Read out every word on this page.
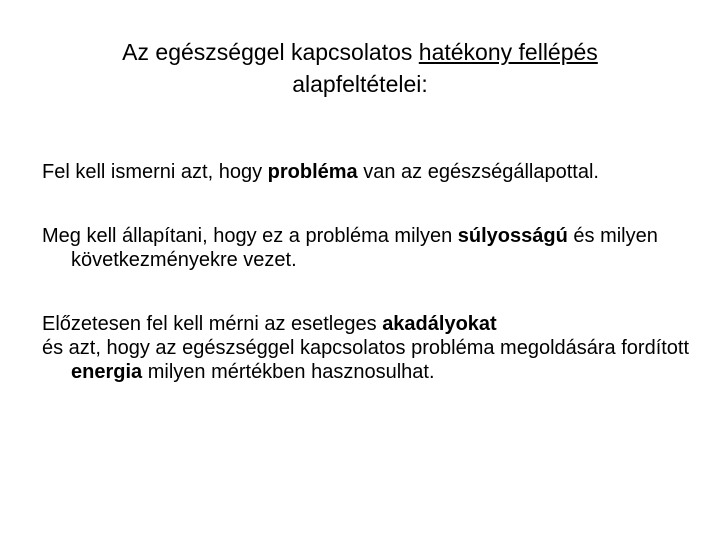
Az egészséggel kapcsolatos hatékony fellépés
alapfeltételei:

Fel kell ismerni azt, hogy probléma van az egészségállapottal.

Meg kell állapítani, hogy ez a probléma milyen súlyosságú és milyen következményekre vezet.

Előzetesen fel kell mérni az esetleges akadályokat
és azt, hogy az egészséggel kapcsolatos probléma megoldására fordított energia milyen mértékben hasznosulhat.
